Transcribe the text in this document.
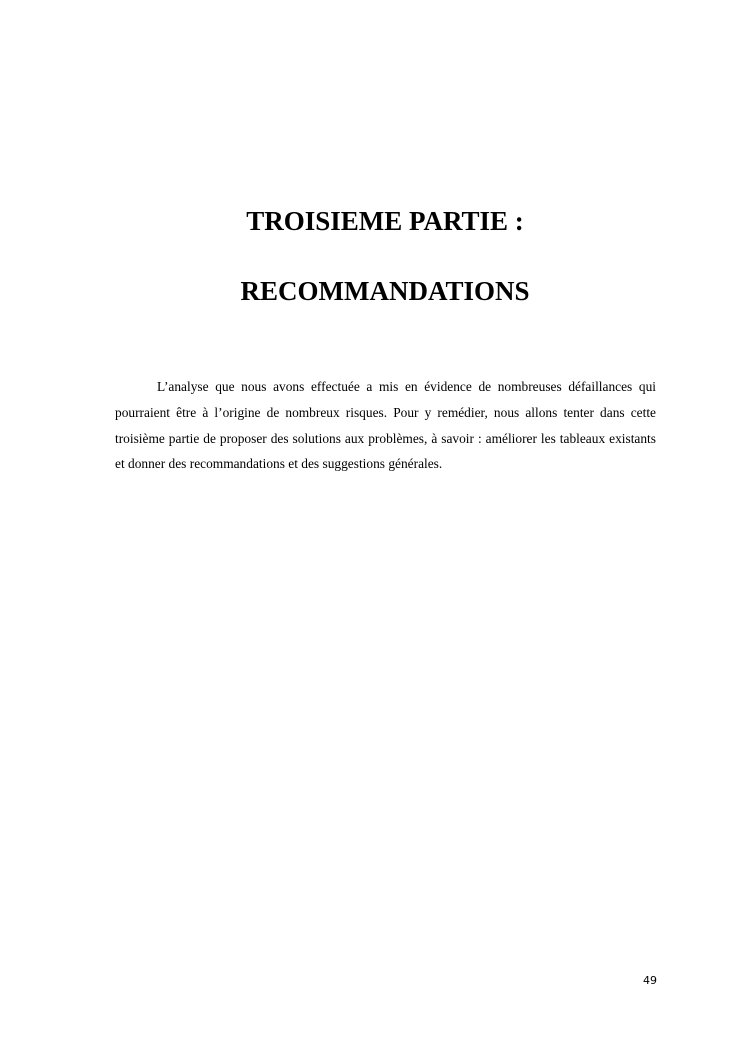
TROISIEME PARTIE :
RECOMMANDATIONS

L’analyse que nous avons effectuée a mis en évidence de nombreuses défaillances qui pourraient être à l’origine de nombreux risques. Pour y remédier, nous allons tenter dans cette troisième partie de proposer des solutions aux problèmes, à savoir : améliorer les tableaux existants et donner des recommandations et des suggestions générales.

49
